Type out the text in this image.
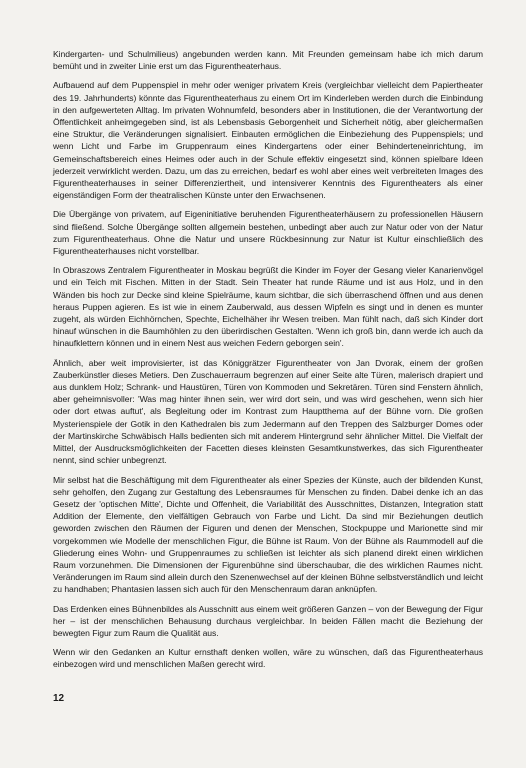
Kindergarten- und Schulmilieus) angebunden werden kann. Mit Freunden gemeinsam habe ich mich darum bemüht und in zweiter Linie erst um das Figurentheaterhaus.

Aufbauend auf dem Puppenspiel in mehr oder weniger privatem Kreis (vergleichbar vielleicht dem Papiertheater des 19. Jahrhunderts) könnte das Figurentheaterhaus zu einem Ort im Kinderleben werden durch die Einbindung in den aufgewerteten Alltag. Im privaten Wohnumfeld, besonders aber in Institutionen, die der Verantwortung der Öffentlichkeit anheimgegeben sind, ist als Lebensbasis Geborgenheit und Sicherheit nötig, aber gleichermaßen eine Struktur, die Veränderungen signalisiert. Einbauten ermöglichen die Einbeziehung des Puppenspiels; und wenn Licht und Farbe im Gruppenraum eines Kindergartens oder einer Behinderteneinrichtung, im Gemeinschaftsbereich eines Heimes oder auch in der Schule effektiv eingesetzt sind, können spielbare Ideen jederzeit verwirklicht werden. Dazu, um das zu erreichen, bedarf es wohl aber eines weit verbreiteten Images des Figurentheaterhauses in seiner Differenziertheit, und intensiverer Kenntnis des Figurentheaters als einer eigenständigen Form der theatralischen Künste unter den Erwachsenen.

Die Übergänge von privatem, auf Eigeninitiative beruhenden Figurentheaterhäusern zu professionellen Häusern sind fließend. Solche Übergänge sollten allgemein bestehen, unbedingt aber auch zur Natur oder von der Natur zum Figurentheaterhaus. Ohne die Natur und unsere Rückbesinnung zur Natur ist Kultur einschließlich des Figurentheaterhauses nicht vorstellbar.

In Obraszows Zentralem Figurentheater in Moskau begrüßt die Kinder im Foyer der Gesang vieler Kanarienvögel und ein Teich mit Fischen. Mitten in der Stadt. Sein Theater hat runde Räume und ist aus Holz, und in den Wänden bis hoch zur Decke sind kleine Spielräume, kaum sichtbar, die sich überraschend öffnen und aus denen heraus Puppen agieren. Es ist wie in einem Zauberwald, aus dessen Wipfeln es singt und in denen es munter zugeht, als würden Eichhörnchen, Spechte, Eichelhäher ihr Wesen treiben. Man fühlt nach, daß sich Kinder dort hinauf wünschen in die Baumhöhlen zu den überirdischen Gestalten. 'Wenn ich groß bin, dann werde ich auch da hinaufklettern können und in einem Nest aus weichen Federn geborgen sein'.

Ähnlich, aber weit improvisierter, ist das Königgrätzer Figurentheater von Jan Dvorak, einem der großen Zauberkünstler dieses Metiers. Den Zuschauerraum begrenzen auf einer Seite alte Türen, malerisch drapiert und aus dunklem Holz; Schrank- und Haustüren, Türen von Kommoden und Sekretären. Türen sind Fenstern ähnlich, aber geheimnisvoller: 'Was mag hinter ihnen sein, wer wird dort sein, und was wird geschehen, wenn sich hier oder dort etwas auftut', als Begleitung oder im Kontrast zum Hauptthema auf der Bühne vorn. Die großen Mysterienspiele der Gotik in den Kathedralen bis zum Jedermann auf den Treppen des Salzburger Domes oder der Martinskirche Schwäbisch Halls bedienten sich mit anderem Hintergrund sehr ähnlicher Mittel. Die Vielfalt der Mittel, der Ausdrucksmöglichkeiten der Facetten dieses kleinsten Gesamtkunstwerkes, das sich Figurentheater nennt, sind schier unbegrenzt.

Mir selbst hat die Beschäftigung mit dem Figurentheater als einer Spezies der Künste, auch der bildenden Kunst, sehr geholfen, den Zugang zur Gestaltung des Lebensraumes für Menschen zu finden. Dabei denke ich an das Gesetz der 'optischen Mitte', Dichte und Offenheit, die Variabilität des Ausschnittes, Distanzen, Integration statt Addition der Elemente, den vielfältigen Gebrauch von Farbe und Licht. Da sind mir Beziehungen deutlich geworden zwischen den Räumen der Figuren und denen der Menschen, Stockpuppe und Marionette sind mir vorgekommen wie Modelle der menschlichen Figur, die Bühne ist Raum. Von der Bühne als Raummodell auf die Gliederung eines Wohn- und Gruppenraumes zu schließen ist leichter als sich planend direkt einen wirklichen Raum vorzunehmen. Die Dimensionen der Figurenbühne sind überschaubar, die des wirklichen Raumes nicht. Veränderungen im Raum sind allein durch den Szenenwechsel auf der kleinen Bühne selbstverständlich und leicht zu handhaben; Phantasien lassen sich auch für den Menschenraum daran anknüpfen.

Das Erdenken eines Bühnenbildes als Ausschnitt aus einem weit größeren Ganzen – von der Bewegung der Figur her – ist der menschlichen Behausung durchaus vergleichbar. In beiden Fällen macht die Beziehung der bewegten Figur zum Raum die Qualität aus.

Wenn wir den Gedanken an Kultur ernsthaft denken wollen, wäre zu wünschen, daß das Figurentheaterhaus einbezogen wird und menschlichen Maßen gerecht wird.

12
